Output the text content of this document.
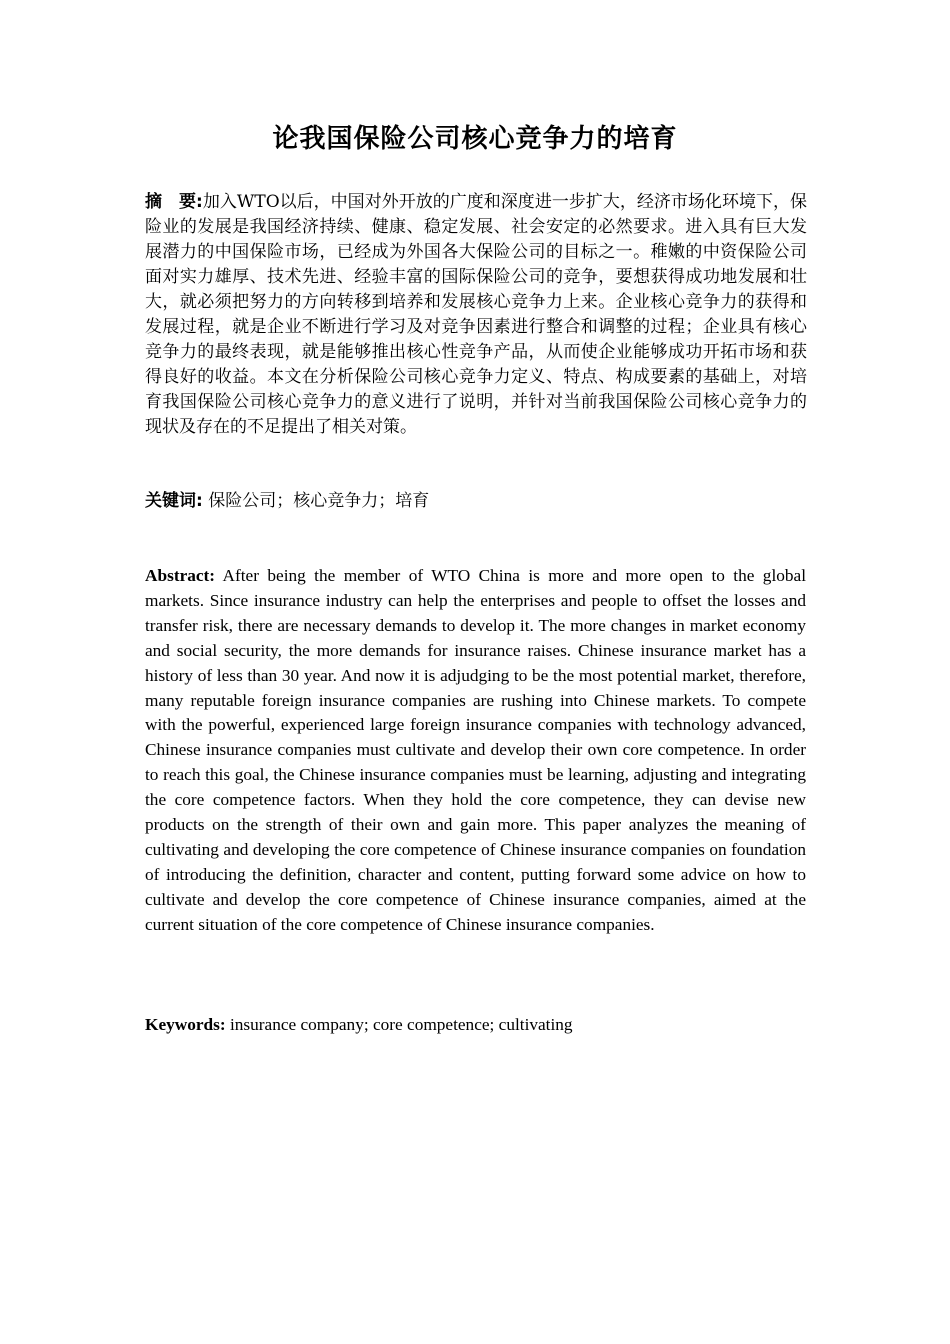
论我国保险公司核心竞争力的培育

摘　要:加入WTO以后，中国对外开放的广度和深度进一步扩大，经济市场化环境下，保险业的发展是我国经济持续、健康、稳定发展、社会安定的必然要求。进入具有巨大发展潜力的中国保险市场，已经成为外国各大保险公司的目标之一。稚嫩的中资保险公司面对实力雄厚、技术先进、经验丰富的国际保险公司的竞争，要想获得成功地发展和壮大，就必须把努力的方向转移到培养和发展核心竞争力上来。企业核心竞争力的获得和发展过程，就是企业不断进行学习及对竞争因素进行整合和调整的过程；企业具有核心竞争力的最终表现，就是能够推出核心性竞争产品，从而使企业能够成功开拓市场和获得良好的收益。本文在分析保险公司核心竞争力定义、特点、构成要素的基础上，对培育我国保险公司核心竞争力的意义进行了说明，并针对当前我国保险公司核心竞争力的现状及存在的不足提出了相关对策。

关键词: 保险公司；核心竞争力；培育

Abstract: After being the member of WTO China is more and more open to the global markets. Since insurance industry can help the enterprises and people to offset the losses and transfer risk, there are necessary demands to develop it. The more changes in market economy and social security, the more demands for insurance raises. Chinese insurance market has a history of less than 30 year. And now it is adjudging to be the most potential market, therefore, many reputable foreign insurance companies are rushing into Chinese markets. To compete with the powerful, experienced large foreign insurance companies with technology advanced, Chinese insurance companies must cultivate and develop their own core competence. In order to reach this goal, the Chinese insurance companies must be learning, adjusting and integrating the core competence factors. When they hold the core competence, they can devise new products on the strength of their own and gain more. This paper analyzes the meaning of cultivating and developing the core competence of Chinese insurance companies on foundation of introducing the definition, character and content, putting forward some advice on how to cultivate and develop the core competence of Chinese insurance companies, aimed at the current situation of the core competence of Chinese insurance companies.

Keywords: insurance company; core competence; cultivating
